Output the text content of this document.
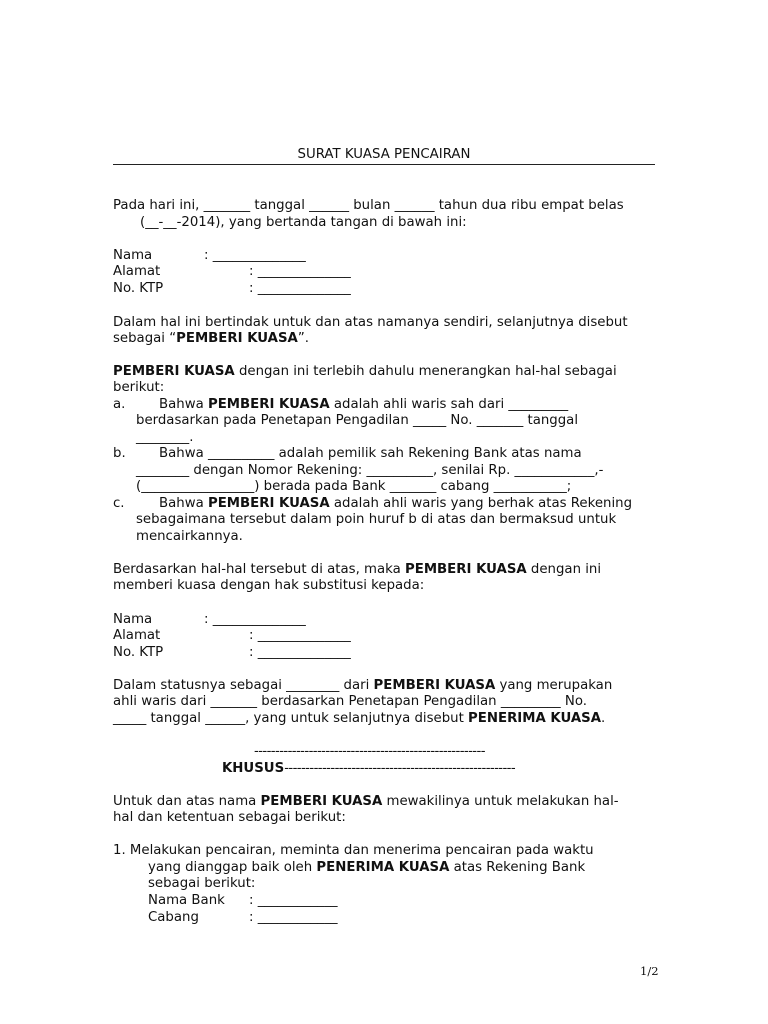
SURAT KUASA PENCAIRAN
Pada hari ini, _______ tanggal ______ bulan ______ tahun dua ribu empat belas
(__-__-2014), yang bertanda tangan di bawah ini:
Nama	: ______________
Alamat	: ______________
No. KTP	: ______________
Dalam hal ini bertindak untuk dan atas namanya sendiri, selanjutnya disebut
sebagai “PEMBERI KUASA”.
PEMBERI KUASA dengan ini terlebih dahulu menerangkan hal-hal sebagai
berikut:
a.	Bahwa PEMBERI KUASA adalah ahli waris sah dari _________
berdasarkan pada Penetapan Pengadilan _____ No. _______ tanggal
________.
b.	Bahwa __________ adalah pemilik sah Rekening Bank atas nama
________ dengan Nomor Rekening: __________, senilai Rp. ____________,-
(_________________) berada pada Bank _______ cabang ___________;
c.	Bahwa PEMBERI KUASA adalah ahli waris yang berhak atas Rekening
sebagaimana tersebut dalam poin huruf b di atas dan bermaksud untuk
mencairkannya.
Berdasarkan hal-hal tersebut di atas, maka PEMBERI KUASA dengan ini
memberi kuasa dengan hak substitusi kepada:
Nama	: ______________
Alamat	: ______________
No. KTP	: ______________
Dalam statusnya sebagai ________ dari PEMBERI KUASA yang merupakan
ahli waris dari _______ berdasarkan Penetapan Pengadilan _________ No.
_____ tanggal ______, yang untuk selanjutnya disebut PENERIMA KUASA.
-------------------------------------------------------
KHUSUS-------------------------------------------------------
Untuk dan atas nama PEMBERI KUASA mewakilinya untuk melakukan hal-
hal dan ketentuan sebagai berikut:
1. Melakukan pencairan, meminta dan menerima pencairan pada waktu
yang dianggap baik oleh PENERIMA KUASA atas Rekening Bank
sebagai berikut:
Nama Bank : ____________
Cabang	: ____________
1/2
